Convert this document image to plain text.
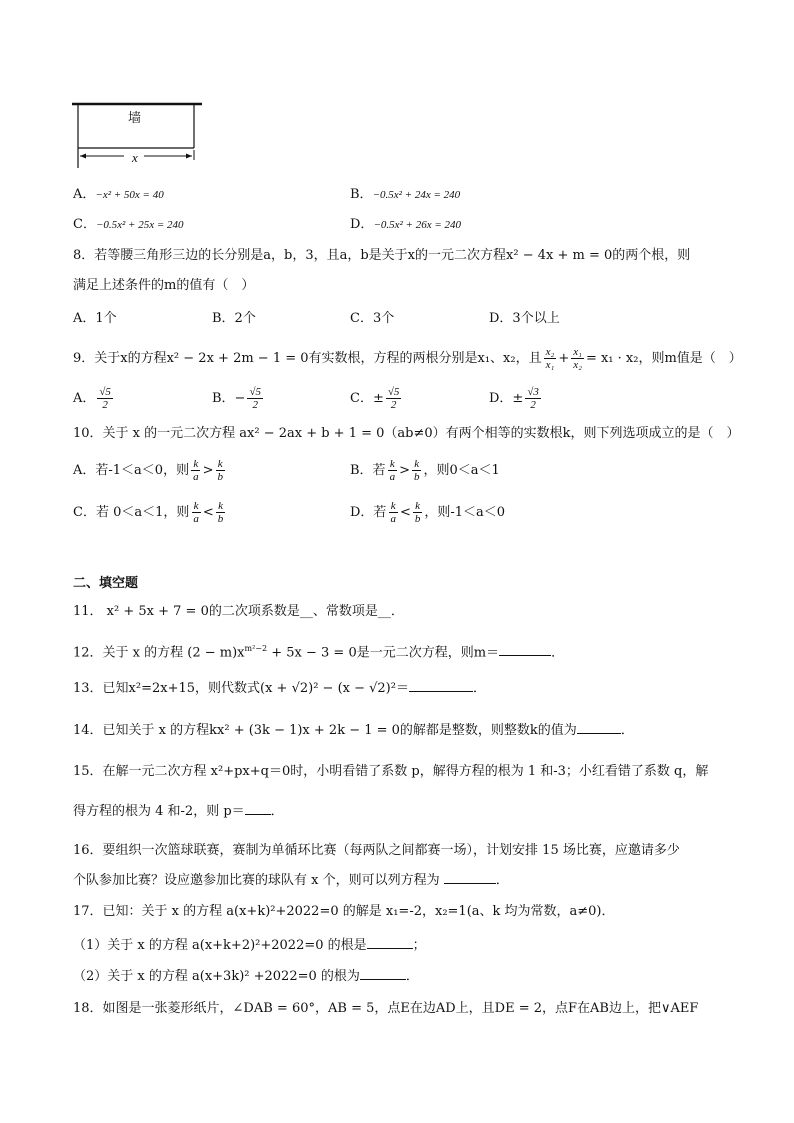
墙
x
A．−x² + 50x = 40	B．−0.5x² + 24x = 240
C．−0.5x² + 25x = 240	D．−0.5x² + 26x = 240
8．若等腰三角形三边的长分别是a，b，3，且a，b是关于x的一元二次方程x² − 4x + m = 0的两个根，则
满足上述条件的m的值有（　）
A．1个	B．2个	C．3个	D．3个以上
9．关于x的方程x² − 2x + 2m − 1 = 0有实数根，方程的两根分别是x₁、x₂，且 $\frac{\text{x₂}}{\text{x₁}} + \frac{\text{x₁}}{\text{x₂}} = x_1 \cdot x_2$，则m值是（　）
A． $\frac{√5}{2}$	B．− $\frac{√5}{2}$	C．± $\frac{√5}{2}$	D．± $\frac{√3}{2}$
10．关于 x 的一元二次方程 ax² − 2ax + b + 1 = 0（ab≠0）有两个相等的实数根k，则下列选项成立的是（　）
A．若-1＜a＜0，则 $\frac{k}{a} > \frac{k}{b}$	B．若 $\frac{k}{a} > \frac{k}{b}$ ，则0＜a＜1
C．若 0＜a＜1，则 $\frac{k}{a} < \frac{k}{b}$	D．若 $\frac{k}{a} < \frac{k}{b}$ ，则-1＜a＜0
二、填空题
11． x² + 5x + 7 = 0的二次项系数是__、常数项是__．
12．关于 x 的方程 $(2 - m)x^{m^2-2} + 5x - 3 = 0$是一元二次方程，则m＝	．
13．已知x²=2x+15，则代数式(x + √2)² − (x − √2)²＝	．
14．已知关于 x 的方程kx² + (3k − 1)x + 2k − 1 = 0的解都是整数，则整数k的值为	．
15．在解一元二次方程 x²+px+q＝0时，小明看错了系数 p，解得方程的根为 1 和-3；小红看错了系数 q，解
得方程的根为 4 和-2，则 p＝ ．
16．要组织一次篮球联赛，赛制为单循环比赛（每两队之间都赛一场），计划安排 15 场比赛，应邀请多少
个队参加比赛？设应邀参加比赛的球队有 x 个，则可以列方程为	．
17．已知：关于 x 的方程 a(x+k)²+2022=0 的解是 x₁=-2，x₂=1(a、k 均为常数，a≠0)．
（1）关于 x 的方程 a(x+k+2)²+2022=0 的根是	；
（2）关于 x 的方程 a(x+3k)² +2022=0 的根为	．
18．如图是一张菱形纸片，∠DAB = 60°，AB = 5，点E在边AD上，且DE = 2，点F在AB边上，把∨AEF
